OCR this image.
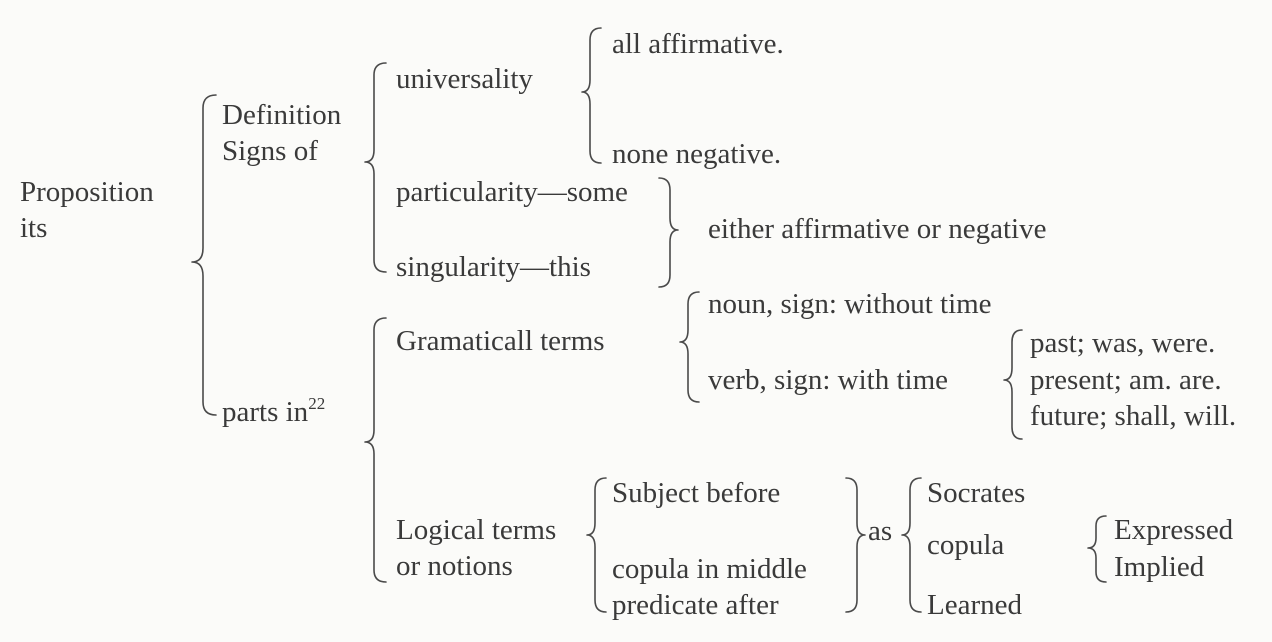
Proposition
its
Definition
Signs of
parts $in^{22}$
universality
all affirmative.
none negative.
particularity—some
singularity—this
either affirmative or negative
Gramaticall terms
noun, sign: without time
verb, sign: with time
past; was, were.
present; am. are.
future; shall, will.
Logical terms
or notions
Subject before
copula in middle
predicate after
as
Socrates
copula
Learned
Expressed
Implied
